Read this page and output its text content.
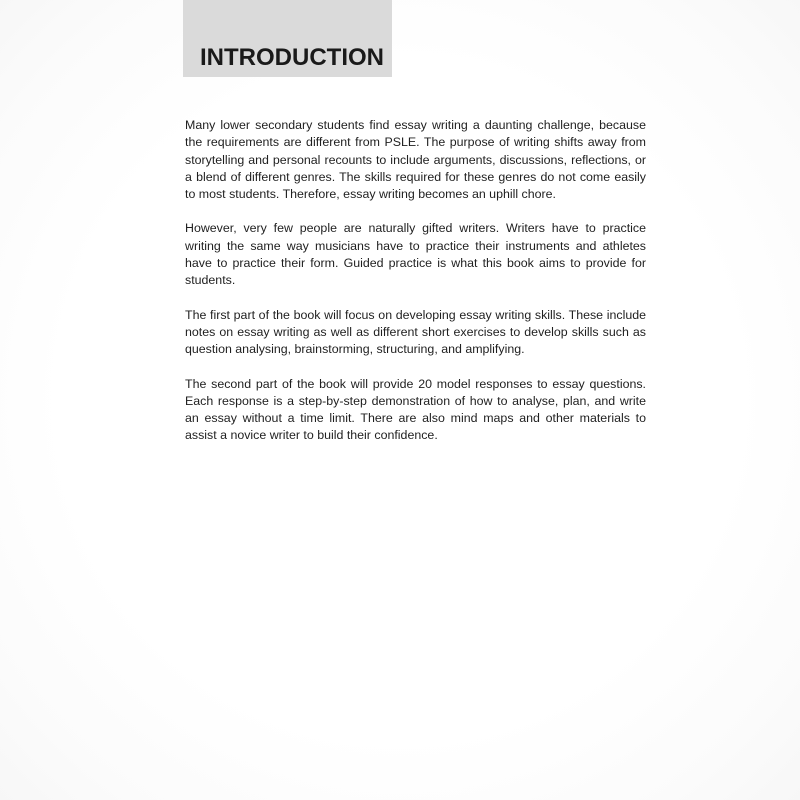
INTRODUCTION

Many lower secondary students find essay writing a daunting challenge, because the requirements are different from PSLE. The purpose of writing shifts away from storytelling and personal recounts to include arguments, discussions, reflections, or a blend of different genres. The skills required for these genres do not come easily to most students. Therefore, essay writing becomes an uphill chore.

However, very few people are naturally gifted writers. Writers have to practice writing the same way musicians have to practice their instruments and athletes have to practice their form. Guided practice is what this book aims to provide for students.

The first part of the book will focus on developing essay writing skills. These include notes on essay writing as well as different short exercises to develop skills such as question analysing, brainstorming, structuring, and amplifying.

The second part of the book will provide 20 model responses to essay questions. Each response is a step-by-step demonstration of how to analyse, plan, and write an essay without a time limit. There are also mind maps and other materials to assist a novice writer to build their confidence.
